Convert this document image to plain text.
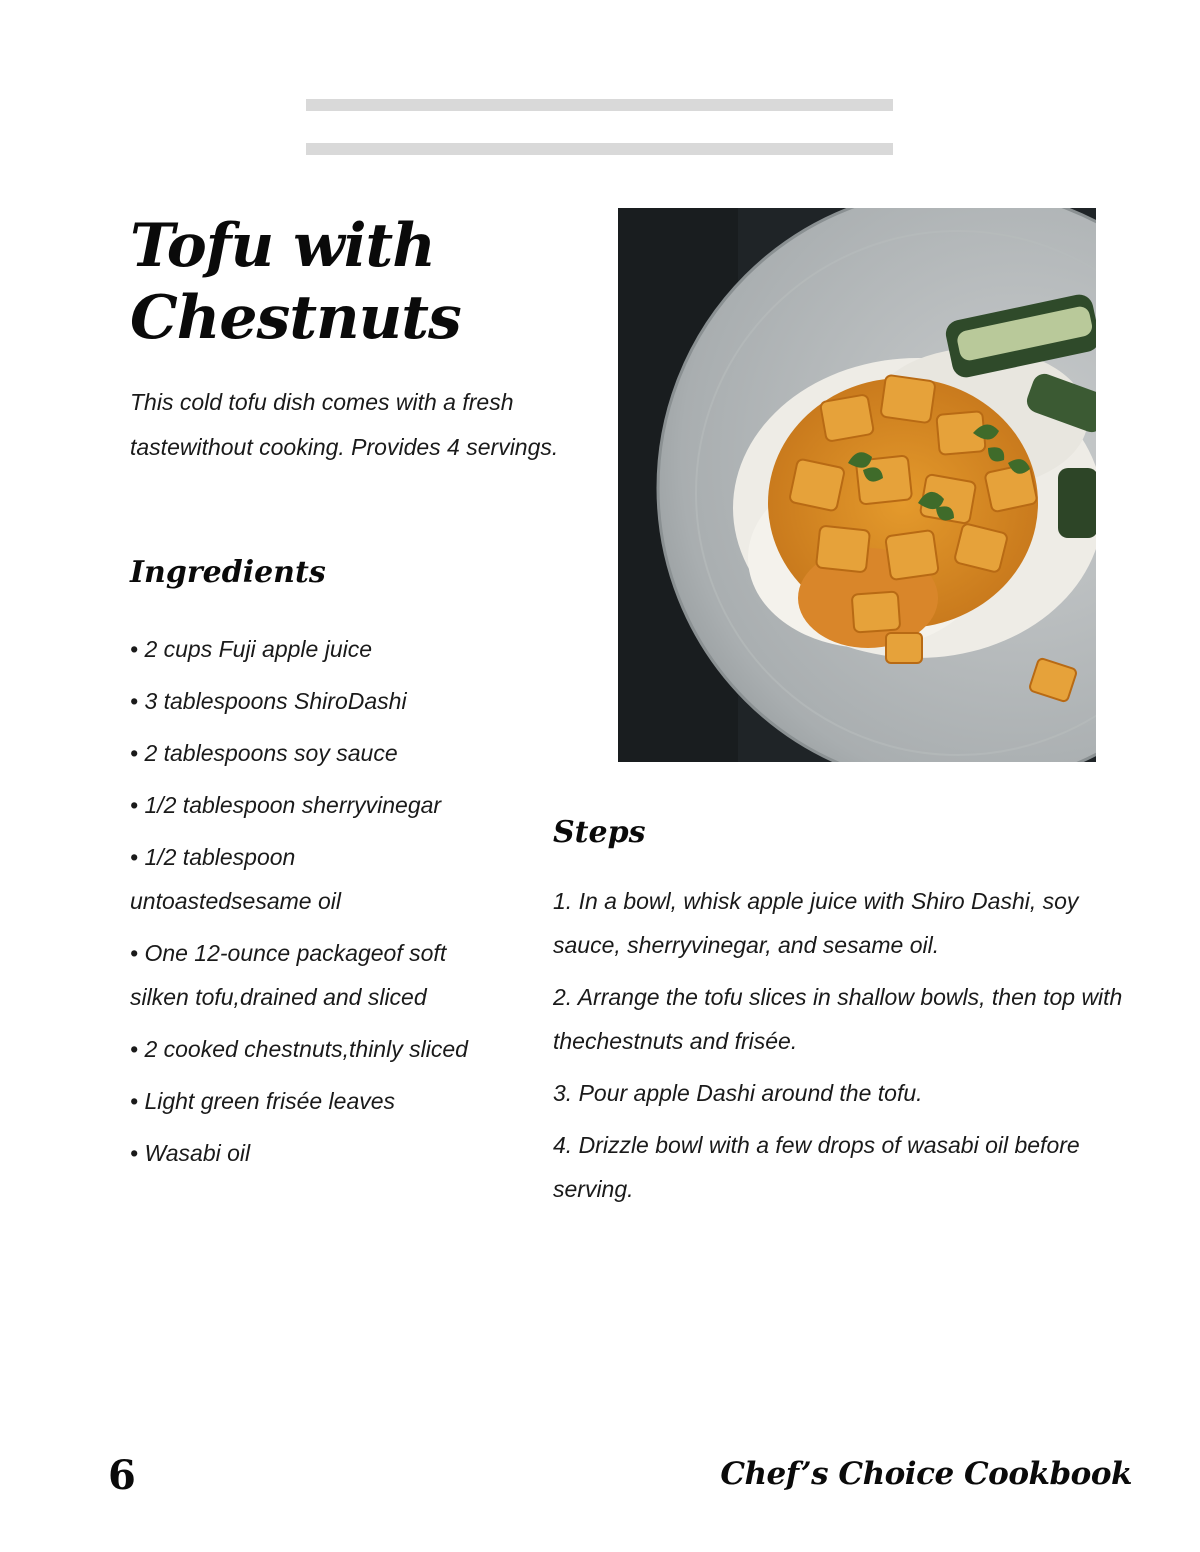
Tofu with
Chestnuts

This cold tofu dish comes with a fresh tastewithout cooking. Provides 4 servings.

Ingredients
• 2 cups Fuji apple juice
• 3 tablespoons ShiroDashi
• 2 tablespoons soy sauce
• 1/2 tablespoon sherryvinegar
• 1/2 tablespoon untoastedsesame oil
• One 12-ounce packageof soft silken tofu,drained and sliced
• 2 cooked chestnuts,thinly sliced
• Light green frisée leaves
• Wasabi oil
Steps
1. In a bowl, whisk apple juice with Shiro Dashi, soy sauce, sherryvinegar, and sesame oil.
2. Arrange the tofu slices in shallow bowls, then top with thechestnuts and frisée.
3. Pour apple Dashi around the tofu.
4. Drizzle bowl with a few drops of wasabi oil before serving.
6	Chef’s Choice Cookbook
